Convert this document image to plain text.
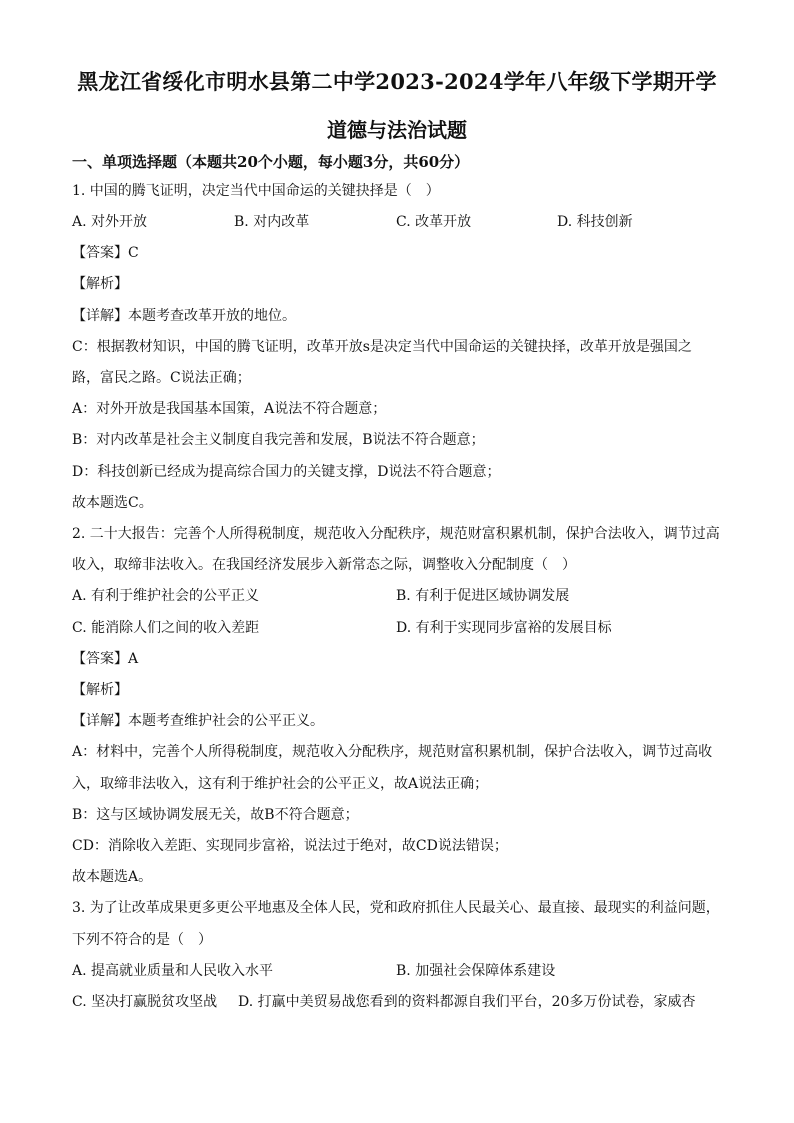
黑龙江省绥化市明水县第二中学2023-2024学年八年级下学期开学
道德与法治试题
一、单项选择题（本题共20个小题，每小题3分，共60分）
1. 中国的腾飞证明，决定当代中国命运的关键抉择是（　）
A. 对外开放	B. 对内改革	C. 改革开放	D. 科技创新
【答案】C
【解析】
【详解】本题考查改革开放的地位。
C：根据教材知识，中国的腾飞证明，改革开放s是决定当代中国命运的关键抉择，改革开放是强国之
路，富民之路。C说法正确；
A：对外开放是我国基本国策，A说法不符合题意；
B：对内改革是社会主义制度自我完善和发展，B说法不符合题意；
D：科技创新已经成为提高综合国力的关键支撑，D说法不符合题意；
故本题选C。
2. 二十大报告：完善个人所得税制度，规范收入分配秩序，规范财富积累机制，保护合法收入，调节过高
收入，取缔非法收入。在我国经济发展步入新常态之际，调整收入分配制度（　）
A. 有利于维护社会的公平正义	B. 有利于促进区域协调发展
C. 能消除人们之间的收入差距	D. 有利于实现同步富裕的发展目标
【答案】A
【解析】
【详解】本题考查维护社会的公平正义。
A：材料中，完善个人所得税制度，规范收入分配秩序，规范财富积累机制，保护合法收入，调节过高收
入，取缔非法收入，这有利于维护社会的公平正义，故A说法正确；
B：这与区域协调发展无关，故B不符合题意；
CD：消除收入差距、实现同步富裕，说法过于绝对，故CD说法错误；
故本题选A。
3. 为了让改革成果更多更公平地惠及全体人民，党和政府抓住人民最关心、最直接、最现实的利益问题，
下列不符合的是（　）
A. 提高就业质量和人民收入水平	B. 加强社会保障体系建设
C. 坚决打赢脱贫攻坚战 D. 打赢中美贸易战您看到的资料都源自我们平台，20多万份试卷，家威杏
